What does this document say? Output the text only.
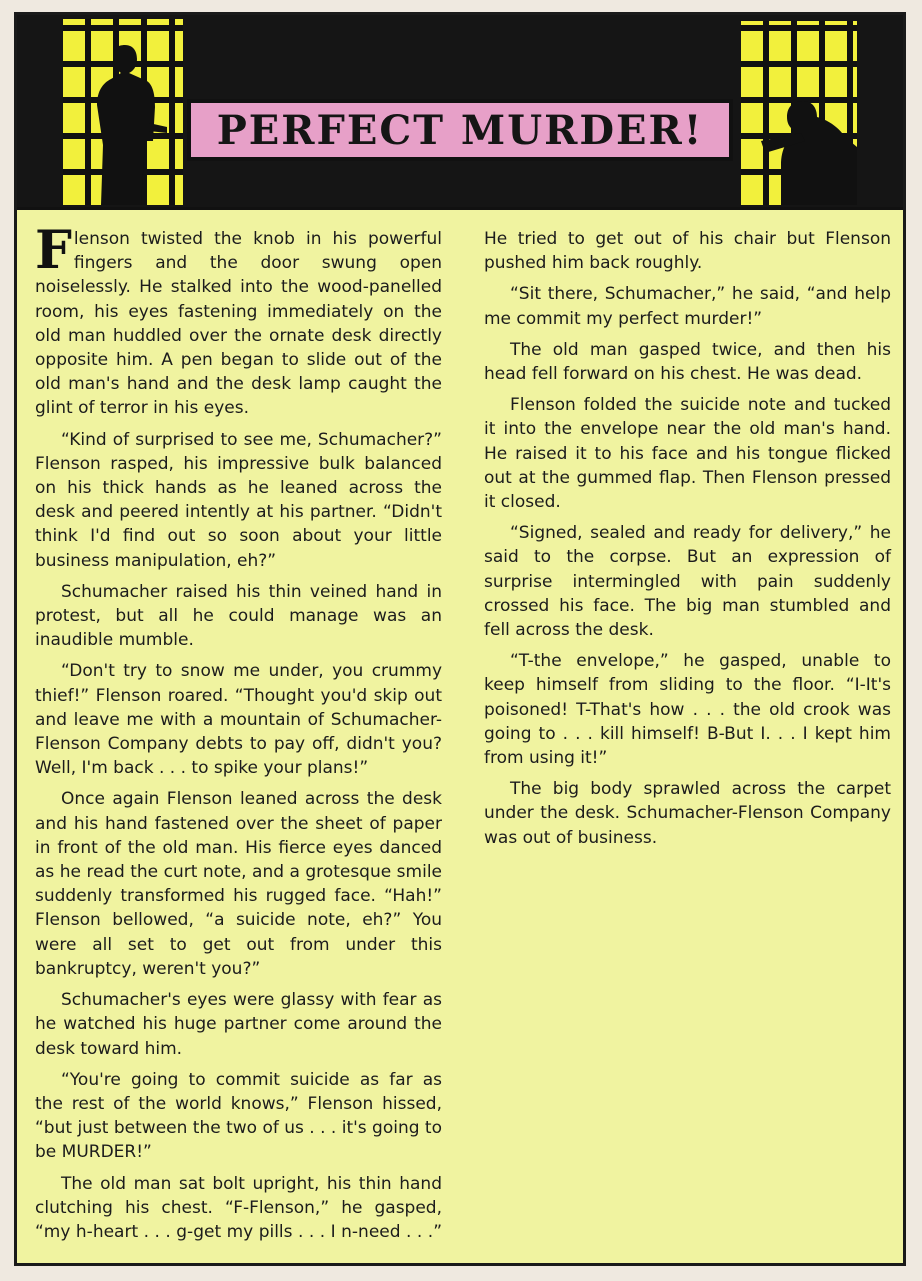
PERFECT MURDER!

Flenson twisted the knob in his powerful fingers and the door swung open noiselessly. He stalked into the wood-panelled room, his eyes fastening immediately on the old man huddled over the ornate desk directly opposite him. A pen began to slide out of the old man's hand and the desk lamp caught the glint of terror in his eyes.

“Kind of surprised to see me, Schumacher?” Flenson rasped, his impressive bulk balanced on his thick hands as he leaned across the desk and peered intently at his partner. “Didn't think I'd find out so soon about your little business manipulation, eh?”

Schumacher raised his thin veined hand in protest, but all he could manage was an inaudible mumble.

“Don't try to snow me under, you crummy thief!” Flenson roared. “Thought you'd skip out and leave me with a mountain of Schumacher-Flenson Company debts to pay off, didn't you? Well, I'm back . . . to spike your plans!”

Once again Flenson leaned across the desk and his hand fastened over the sheet of paper in front of the old man. His fierce eyes danced as he read the curt note, and a grotesque smile suddenly transformed his rugged face. “Hah!” Flenson bellowed, “a suicide note, eh?” You were all set to get out from under this bankruptcy, weren't you?”

Schumacher's eyes were glassy with fear as he watched his huge partner come around the desk toward him.

“You're going to commit suicide as far as the rest of the world knows,” Flenson hissed, “but just between the two of us . . . it's going to be MURDER!”

The old man sat bolt upright, his thin hand clutching his chest. “F-Flenson,” he gasped, “my h-heart . . . g-get my pills . . . I n-need . . .” He tried to get out of his chair but Flenson pushed him back roughly.

“Sit there, Schumacher,” he said, “and help me commit my perfect murder!”

The old man gasped twice, and then his head fell forward on his chest. He was dead.

Flenson folded the suicide note and tucked it into the envelope near the old man's hand. He raised it to his face and his tongue flicked out at the gummed flap. Then Flenson pressed it closed.

“Signed, sealed and ready for delivery,” he said to the corpse. But an expression of surprise intermingled with pain suddenly crossed his face. The big man stumbled and fell across the desk.

“T-the envelope,” he gasped, unable to keep himself from sliding to the floor. “I-It's poisoned! T-That's how . . . the old crook was going to . . . kill himself! B-But I. . . I kept him from using it!”

The big body sprawled across the carpet under the desk. Schumacher-Flenson Company was out of business.
